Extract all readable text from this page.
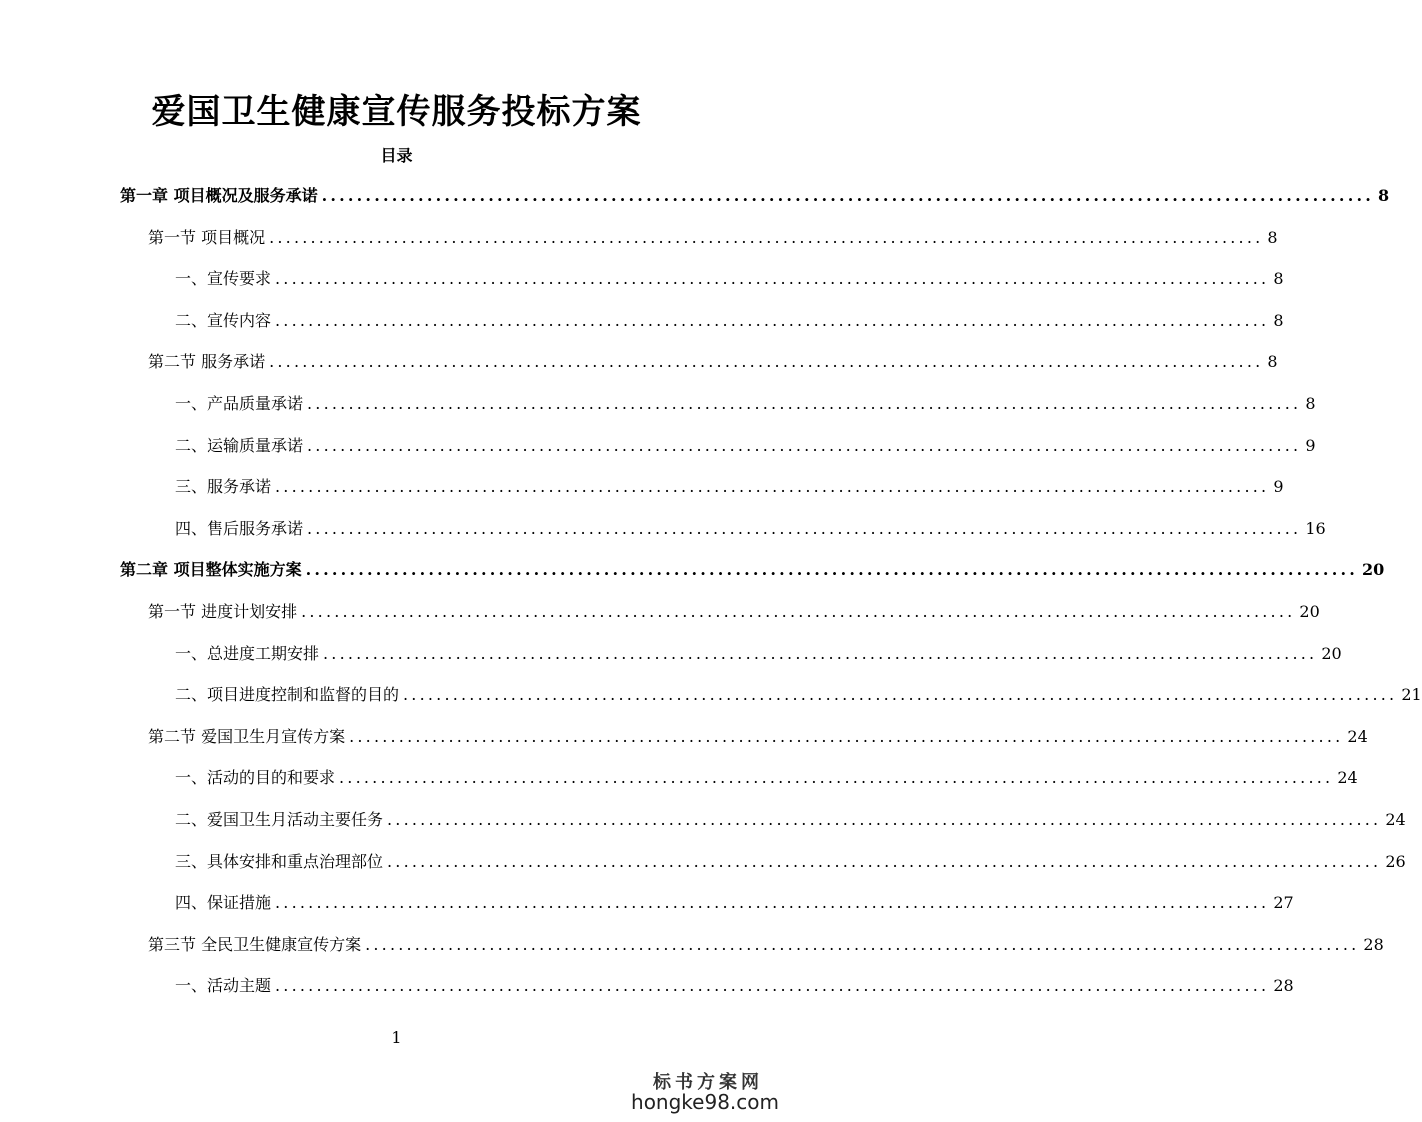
爱国卫生健康宣传服务投标方案
目录
第一章 项目概况及服务承诺 ........................................................................................................................ 8
第一节 项目概况 ........................................................................................................................ 8
一、宣传要求 ........................................................................................................................ 8
二、宣传内容 ........................................................................................................................ 8
第二节 服务承诺 ........................................................................................................................ 8
一、产品质量承诺 ........................................................................................................................ 8
二、运输质量承诺 ........................................................................................................................ 9
三、服务承诺 ........................................................................................................................ 9
四、售后服务承诺 ........................................................................................................................ 16
第二章 项目整体实施方案 ........................................................................................................................ 20
第一节 进度计划安排 ........................................................................................................................ 20
一、总进度工期安排 ........................................................................................................................ 20
二、项目进度控制和监督的目的 ........................................................................................................................ 21
第二节 爱国卫生月宣传方案 ........................................................................................................................ 24
一、活动的目的和要求 ........................................................................................................................ 24
二、爱国卫生月活动主要任务 ........................................................................................................................ 24
三、具体安排和重点治理部位 ........................................................................................................................ 26
四、保证措施 ........................................................................................................................ 27
第三节 全民卫生健康宣传方案 ........................................................................................................................ 28
一、活动主题 ........................................................................................................................ 28
1
标书方案网
hongke98.com
